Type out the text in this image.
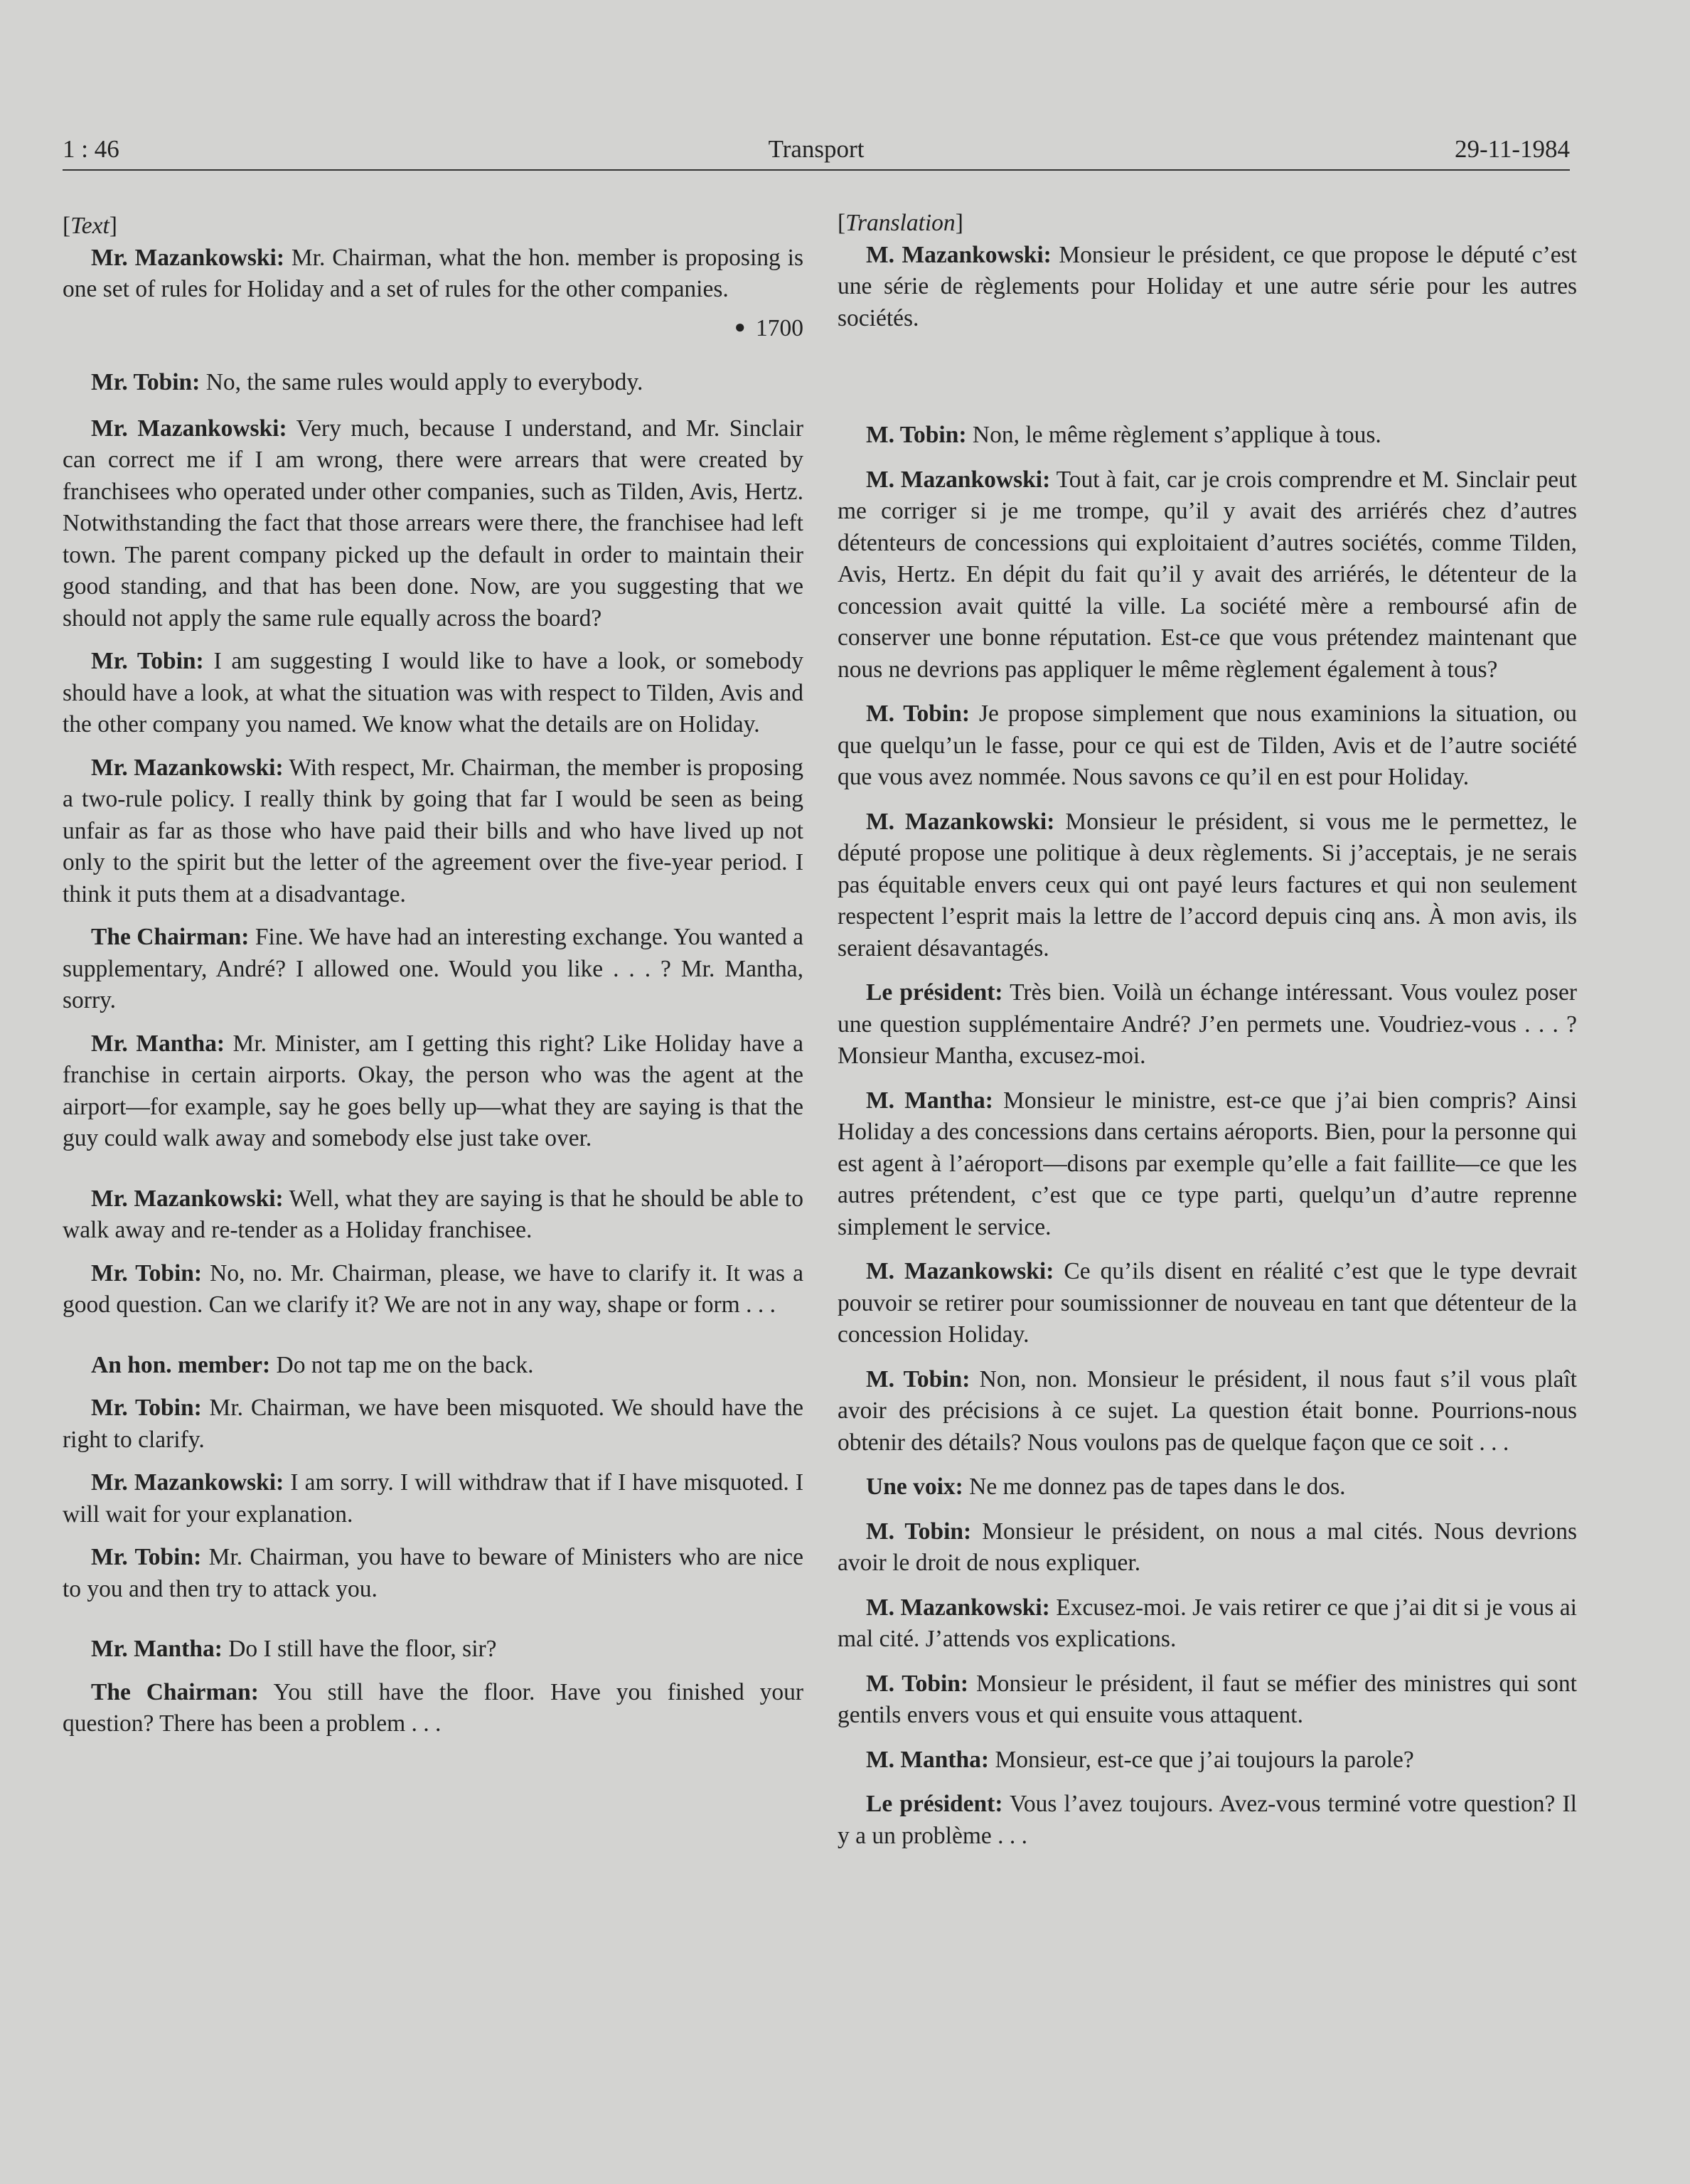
1 : 46	Transport	29-11-1984

[Text]

Mr. Mazankowski: Mr. Chairman, what the hon. member is proposing is one set of rules for Holiday and a set of rules for the other companies.

● 1700

Mr. Tobin: No, the same rules would apply to everybody.

Mr. Mazankowski: Very much, because I understand, and Mr. Sinclair can correct me if I am wrong, there were arrears that were created by franchisees who operated under other companies, such as Tilden, Avis, Hertz. Notwithstanding the fact that those arrears were there, the franchisee had left town. The parent company picked up the default in order to maintain their good standing, and that has been done. Now, are you suggesting that we should not apply the same rule equally across the board?

Mr. Tobin: I am suggesting I would like to have a look, or somebody should have a look, at what the situation was with respect to Tilden, Avis and the other company you named. We know what the details are on Holiday.

Mr. Mazankowski: With respect, Mr. Chairman, the member is proposing a two-rule policy. I really think by going that far I would be seen as being unfair as far as those who have paid their bills and who have lived up not only to the spirit but the letter of the agreement over the five-year period. I think it puts them at a disadvantage.

The Chairman: Fine. We have had an interesting exchange. You wanted a supplementary, André? I allowed one. Would you like . . . ? Mr. Mantha, sorry.

Mr. Mantha: Mr. Minister, am I getting this right? Like Holiday have a franchise in certain airports. Okay, the person who was the agent at the airport—for example, say he goes belly up—what they are saying is that the guy could walk away and somebody else just take over.

Mr. Mazankowski: Well, what they are saying is that he should be able to walk away and re-tender as a Holiday franchisee.

Mr. Tobin: No, no. Mr. Chairman, please, we have to clarify it. It was a good question. Can we clarify it? We are not in any way, shape or form . . .

An hon. member: Do not tap me on the back.

Mr. Tobin: Mr. Chairman, we have been misquoted. We should have the right to clarify.

Mr. Mazankowski: I am sorry. I will withdraw that if I have misquoted. I will wait for your explanation.

Mr. Tobin: Mr. Chairman, you have to beware of Ministers who are nice to you and then try to attack you.

Mr. Mantha: Do I still have the floor, sir?

The Chairman: You still have the floor. Have you finished your question? There has been a problem . . .

[Translation]

M. Mazankowski: Monsieur le président, ce que propose le député c’est une série de règlements pour Holiday et une autre série pour les autres sociétés.

M. Tobin: Non, le même règlement s’applique à tous.

M. Mazankowski: Tout à fait, car je crois comprendre et M. Sinclair peut me corriger si je me trompe, qu’il y avait des arriérés chez d’autres détenteurs de concessions qui exploitaient d’autres sociétés, comme Tilden, Avis, Hertz. En dépit du fait qu’il y avait des arriérés, le détenteur de la concession avait quitté la ville. La société mère a remboursé afin de conserver une bonne réputation. Est-ce que vous prétendez maintenant que nous ne devrions pas appliquer le même règlement également à tous?

M. Tobin: Je propose simplement que nous examinions la situation, ou que quelqu’un le fasse, pour ce qui est de Tilden, Avis et de l’autre société que vous avez nommée. Nous savons ce qu’il en est pour Holiday.

M. Mazankowski: Monsieur le président, si vous me le permettez, le député propose une politique à deux règlements. Si j’acceptais, je ne serais pas équitable envers ceux qui ont payé leurs factures et qui non seulement respectent l’esprit mais la lettre de l’accord depuis cinq ans. À mon avis, ils seraient désavantagés.

Le président: Très bien. Voilà un échange intéressant. Vous voulez poser une question supplémentaire André? J’en permets une. Voudriez-vous . . . ? Monsieur Mantha, excusez-moi.

M. Mantha: Monsieur le ministre, est-ce que j’ai bien compris? Ainsi Holiday a des concessions dans certains aéroports. Bien, pour la personne qui est agent à l’aéroport—disons par exemple qu’elle a fait faillite—ce que les autres prétendent, c’est que ce type parti, quelqu’un d’autre reprenne simplement le service.

M. Mazankowski: Ce qu’ils disent en réalité c’est que le type devrait pouvoir se retirer pour soumissionner de nouveau en tant que détenteur de la concession Holiday.

M. Tobin: Non, non. Monsieur le président, il nous faut s’il vous plaît avoir des précisions à ce sujet. La question était bonne. Pourrions-nous obtenir des détails? Nous voulons pas de quelque façon que ce soit . . .

Une voix: Ne me donnez pas de tapes dans le dos.

M. Tobin: Monsieur le président, on nous a mal cités. Nous devrions avoir le droit de nous expliquer.

M. Mazankowski: Excusez-moi. Je vais retirer ce que j’ai dit si je vous ai mal cité. J’attends vos explications.

M. Tobin: Monsieur le président, il faut se méfier des ministres qui sont gentils envers vous et qui ensuite vous attaquent.

M. Mantha: Monsieur, est-ce que j’ai toujours la parole?

Le président: Vous l’avez toujours. Avez-vous terminé votre question? Il y a un problème . . .
